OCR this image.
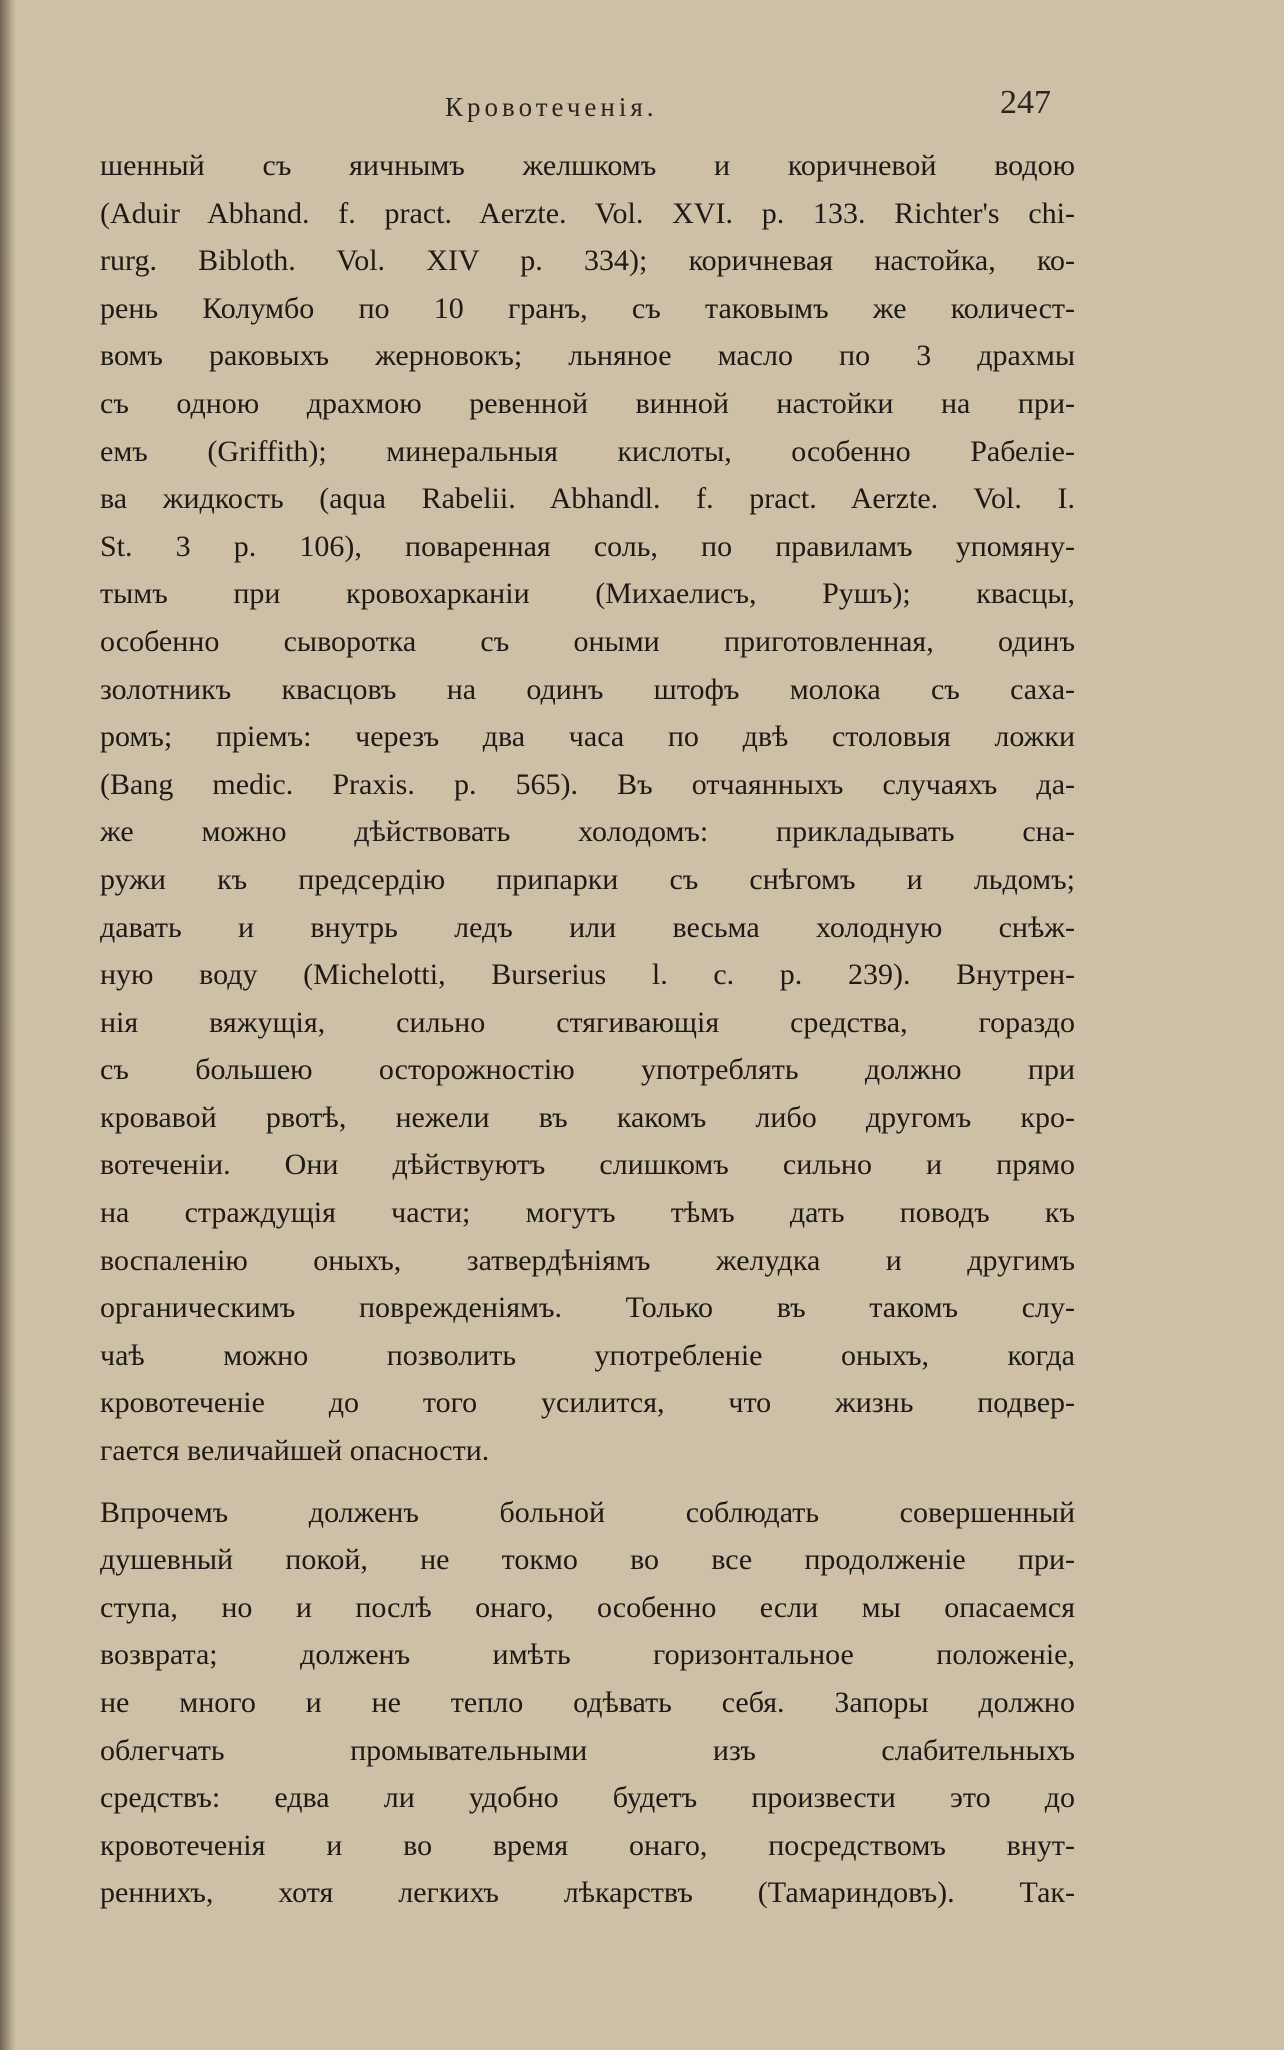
Кровотеченія.	247
шенный съ яичнымъ желшкомъ и коричневой водою
(Aduir Abhand. f. pract. Aerzte. Vol. XVI. p. 133. Richter's chi-
rurg. Bibloth. Vol. XIV p. 334); коричневая настойка, ко-
рень Колумбо по 10 гранъ, съ таковымъ же количест-
вомъ раковыхъ жерновокъ; льняное масло по 3 драхмы
съ одною драхмою ревенной винной настойки на при-
емъ (Griffith); минеральныя кислоты, особенно Рабелie-
ва жидкость (aqua Rabelii. Abhandl. f. pract. Aerzte. Vol. I.
St. 3 p. 106), поваренная соль, по правиламъ упомяну-
тымъ при кровохарканіи (Михаелисъ, Рушъ); квасцы,
особенно сыворотка съ оными приготовленная, одинъ
золотникъ квасцовъ на одинъ штофъ молока съ саха-
ромъ; пріемъ: черезъ два часа по двѣ столовыя ложки
(Bang medic. Praxis. p. 565). Въ отчаянныхъ случаяхъ да-
же можно дѣйствовать холодомъ: прикладывать сна-
ружи къ предсердію припарки съ снѣгомъ и льдомъ;
давать и внутрь ледъ или весьма холодную снѣж-
ную воду (Michelotti, Burserius l. c. p. 239). Внутрен-
нія вяжущія, сильно стягивающія средства, гораздо
съ большею осторожностію употреблять должно при
кровавой рвотѣ, нежели въ какомъ либо другомъ кро-
вотеченіи. Они дѣйствуютъ слишкомъ сильно и прямо
на страждущія части; могутъ тѣмъ дать поводъ къ
воспаленію оныхъ, затвердѣніямъ желудка и другимъ
органическимъ поврежденіямъ. Только въ такомъ слу-
чаѣ можно позволить употребленіе оныхъ, когда
кровотеченіе до того усилится, что жизнь подвер-
гается величайшей опасности.
Впрочемъ долженъ больной соблюдать совершенный
душевный покой, не токмо во все продолженіе при-
ступа, но и послѣ онаго, особенно если мы опасаемся
возврата; долженъ имѣть горизонтальное положеніе,
не много и не тепло одѣвать себя. Запоры должно
облегчать промывательными изъ слабительныхъ
средствъ: едва ли удобно будетъ произвести это до
кровотеченія и во время онаго, посредствомъ внут-
реннихъ, хотя легкихъ лѣкарствъ (Тамариндовъ). Так-
